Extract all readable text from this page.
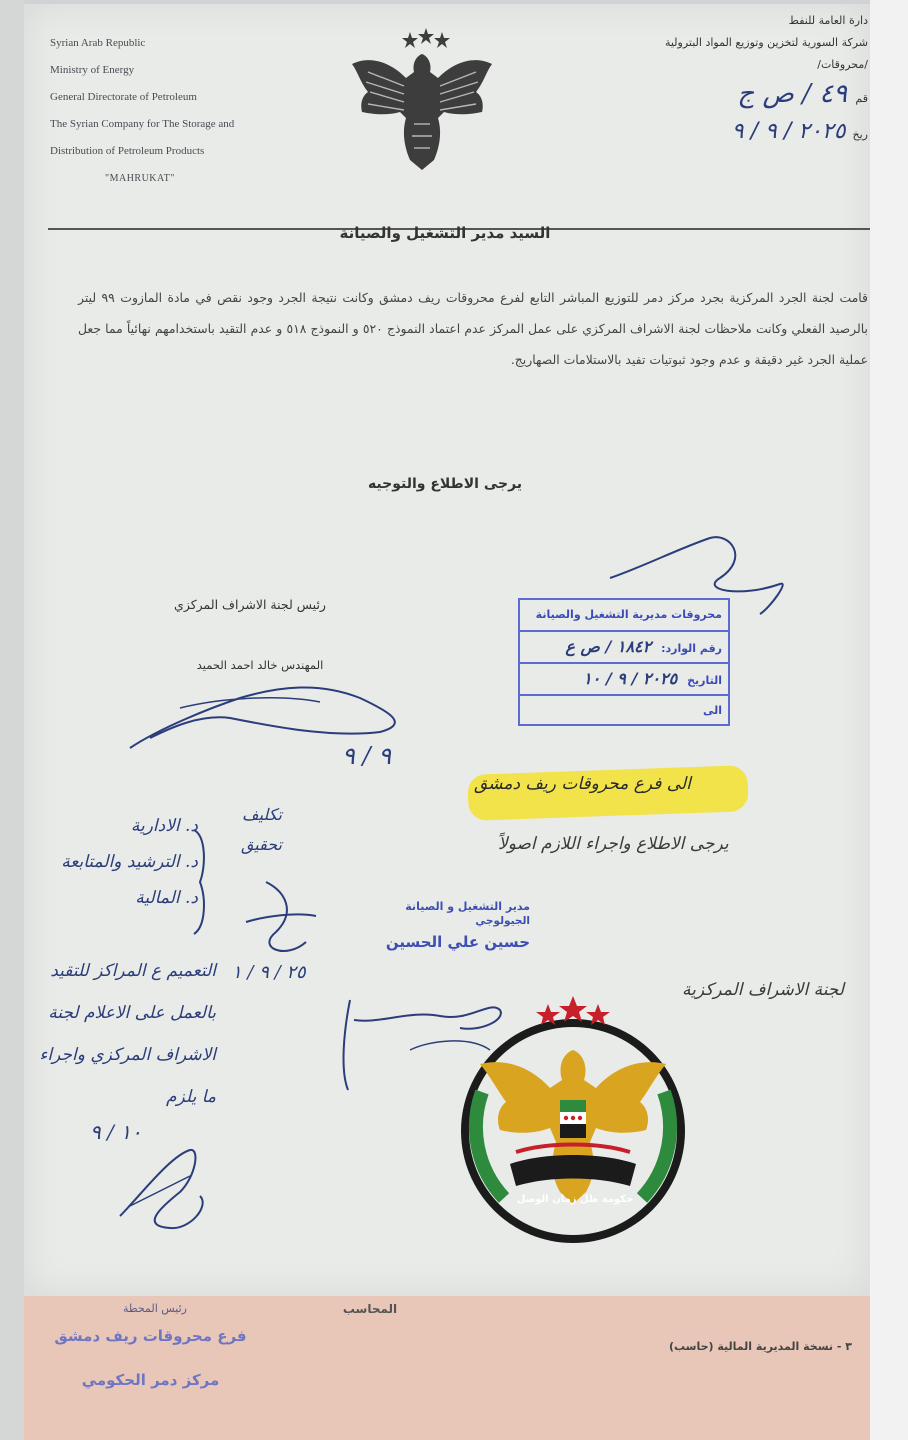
Syrian Arab Republic
Ministry of Energy
General Directorate of Petroleum
The Syrian Company for The Storage and
Distribution of Petroleum Products
"MAHRUKAT"
دارة العامة للنفط
شركة السورية لتخزين وتوزيع المواد البترولية
/محروقات/
قم ٤٩ / ص ج
ريخ ٢٠٢٥ / ٩ / ٩
السيد مدير التشغيل والصيانة
قامت لجنة الجرد المركزية بجرد مركز دمر للتوزيع المباشر التابع لفرع محروقات ريف دمشق وكانت نتيجة الجرد وجود نقص في مادة المازوت ٩٩ ليتر بالرصيد الفعلي وكانت ملاحظات لجنة الاشراف المركزي على عمل المركز عدم اعتماد النموذج ٥٢٠ و النموذج ٥١٨ و عدم التقيد باستخدامهم نهائياً مما جعل عملية الجرد غير دقيقة و عدم وجود ثبوتيات تفيد بالاستلامات الصهاريج.
يرجى الاطلاع والتوجيه
رئيس لجنة الاشراف المركزي
المهندس خالد احمد الحميد
محروقات مديرية التشغيل والصيانة
رقم الوارد: ١٨٤٢ / ص ع
التاريخ ٢٠٢٥ / ٩ / ١٠
الى
٩ / ٩
الى فرع محروقات ريف دمشق
يرجى الاطلاع واجراء اللازم اصولاً
د. الادارية
د. الترشيد والمتابعة
د. المالية
التعميم ع المراكز للتقيد بالعمل على الاعلام لجنة الاشراف المركزي واجراء ما يلزم
١٠ / ٩
تكليف تحقيق
٢٥ / ٩ / ١
لجنة الاشراف المركزية
مدير التشغيل و الصيانة
الجيولوجي
حسين علي الحسين
رئيس المحطة	المحاسب
فرع محروقات ريف دمشق
مركز دمر الحكومي
٣ - نسخة المديرية المالية (حاسب)
حكومة ظل زمان الوصل
